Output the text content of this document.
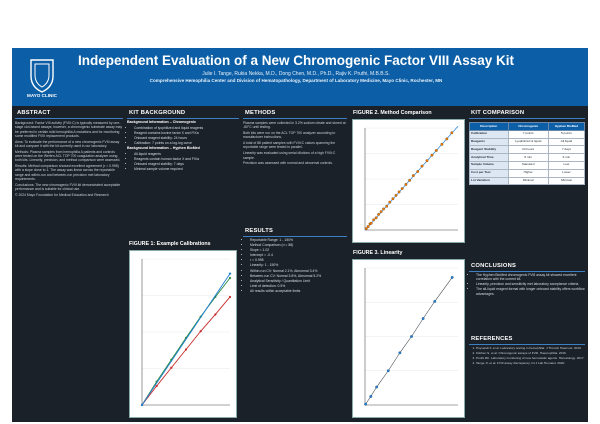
MAYO CLINIC
Independent Evaluation of a New Chromogenic Factor VIII Assay Kit
Julie I. Tange, Rukia Nekka, M.D., Dong Chen, M.D., Ph.D., Rajiv K. Pruthi, M.B.B.S.
Comprehensive Hemophilia Center and Division of Hematopathology, Department of Laboratory Medicine, Mayo Clinic, Rochester, MN
ABSTRACT

Background: Factor VIII activity (FVIII:C) is typically measured by one-stage clot-based assays; however, a chromogenic substrate assay may be preferred in certain mild hemophilia A mutations and for monitoring some modified FVIII replacement products.

Aims: To evaluate the performance of a new chromogenic FVIII assay kit and compare it with the kit currently used in our laboratory.

Methods: Plasma samples from hemophilia A patients and controls were tested on the Werfen ACL TOP 700 coagulation analyzer using both kits. Linearity, precision, and method comparison were assessed.

Results: Method comparison showed excellent agreement (r = 0.998) with a slope close to 1. The assay was linear across the reportable range and within-run and between-run precision met laboratory requirements.

Conclusions: The new chromogenic FVIII kit demonstrated acceptable performance and is suitable for clinical use.

© 2024 Mayo Foundation for Medical Education and Research

KIT BACKGROUND
Background Information – Chromogenix
• Combination of lyophilized and liquid reagents
• Reagent contains bovine factor X and FIXa
• Onboard reagent stability: 24 hours
• Calibration: 7 points on a log-log curve
Background Information – Hyphen BioMed
• All-liquid reagents
• Reagents contain human factor X and FIXa
• Onboard reagent stability: 7 days
• Minimal sample volume required
FIGURE 1: Example Calibrations
METHODS

Plasma samples were collected in 3.2% sodium citrate and stored at -80°C until testing.

Both kits were run on the ACL TOP 700 analyzer according to manufacturer instructions.

A total of 88 patient samples with FVIII:C values spanning the reportable range were tested in parallel.

Linearity was evaluated using serial dilutions of a high FVIII:C sample.

Precision was assessed with normal and abnormal controls.

RESULTS
• Reportable Range: 1 - 150%
• Method Comparison (n = 88)
• Slope = 1.02
• Intercept = -0.4
• r = 0.998
• Linearity: 1 - 150%
• Within-run CV: Normal 2.1%, Abnormal 3.4%
• Between-run CV: Normal 3.8%, Abnormal 5.2%
• Analytical Sensitivity / Quantitation Limit
• Limit of detection: 0.5%
• All results within acceptable limits
FIGURE 2. Method Comparison
FIGURE 3. Linearity
KIT COMPARISON
Description	Chromogenix	Hyphen BioMed
Calibration	7 points	5 points
Reagents	Lyophilized & liquid	All liquid
Reagent Stability	24 hours	7 days
Analytical Time	8 min	6 min
Sample Volume	Standard	Low
Cost per Test	Higher	Lower
Lot Variation	Minimal	Minimal
CONCLUSIONS
• The Hyphen BioMed chromogenic FVIII assay kit showed excellent correlation with the current kit.
• Linearity, precision and sensitivity met laboratory acceptance criteria.
• The all-liquid reagent format with longer onboard stability offers workflow advantages.
REFERENCES
1. Peyvandi F, et al. Laboratory testing in hemophilia. J Thromb Haemost. 2016.
2. Kitchen S, et al. Chromogenic assays of FVIII. Haemophilia. 2016.
3. Pruthi RK. Laboratory monitoring of new hemostatic agents. Hematology. 2017.
4. Tange JI, et al. FVIII assay discrepancy. Int J Lab Hematol. 2020.
